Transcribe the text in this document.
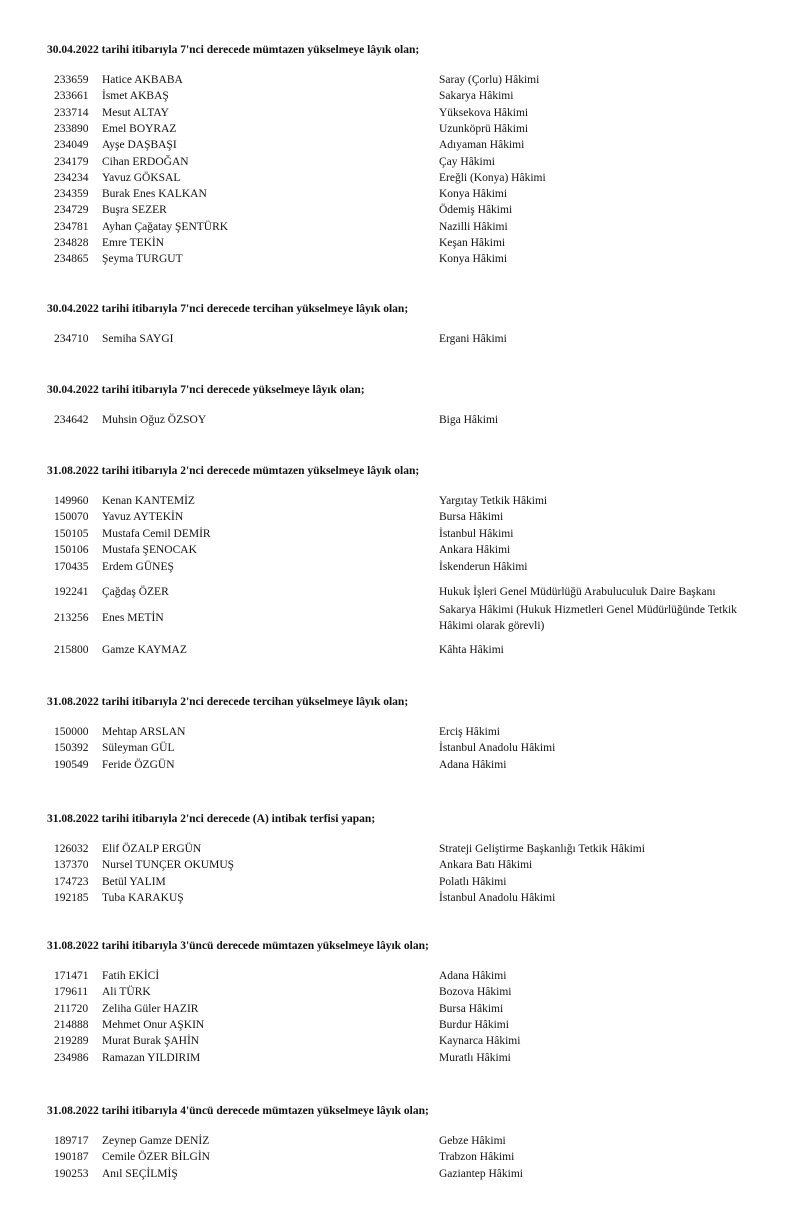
30.04.2022 tarihi itibarıyla 7'nci derecede mümtazen yükselmeye lâyık olan;
233659 Hatice AKBABA	Saray (Çorlu) Hâkimi
233661 İsmet AKBAŞ	Sakarya Hâkimi
233714 Mesut ALTAY	Yüksekova Hâkimi
233890 Emel BOYRAZ	Uzunköprü Hâkimi
234049 Ayşe DAŞBAŞI	Adıyaman Hâkimi
234179 Cihan ERDOĞAN	Çay Hâkimi
234234 Yavuz GÖKSAL	Ereğli (Konya) Hâkimi
234359 Burak Enes KALKAN	Konya Hâkimi
234729 Buşra SEZER	Ödemiş Hâkimi
234781 Ayhan Çağatay ŞENTÜRK	Nazilli Hâkimi
234828 Emre TEKİN	Keşan Hâkimi
234865 Şeyma TURGUT	Konya Hâkimi
30.04.2022 tarihi itibarıyla 7'nci derecede tercihan yükselmeye lâyık olan;
234710 Semiha SAYGI	Ergani Hâkimi
30.04.2022 tarihi itibarıyla 7'nci derecede yükselmeye lâyık olan;
234642 Muhsin Oğuz ÖZSOY	Biga Hâkimi
31.08.2022 tarihi itibarıyla 2'nci derecede mümtazen yükselmeye lâyık olan;
149960 Kenan KANTEMİZ	Yargıtay Tetkik Hâkimi
150070 Yavuz AYTEKİN	Bursa Hâkimi
150105 Mustafa Cemil DEMİR	İstanbul Hâkimi
150106 Mustafa ŞENOCAK	Ankara Hâkimi
170435 Erdem GÜNEŞ	İskenderun Hâkimi
192241 Çağdaş ÖZER	Hukuk İşleri Genel Müdürlüğü Arabuluculuk Daire Başkanı
213256 Enes METİN
Sakarya Hâkimi (Hukuk Hizmetleri Genel Müdürlüğünde Tetkik Hâkimi olarak görevli)
215800 Gamze KAYMAZ	Kâhta Hâkimi
31.08.2022 tarihi itibarıyla 2'nci derecede tercihan yükselmeye lâyık olan;
150000 Mehtap ARSLAN	Erciş Hâkimi
150392 Süleyman GÜL	İstanbul Anadolu Hâkimi
190549 Feride ÖZGÜN	Adana Hâkimi
31.08.2022 tarihi itibarıyla 2'nci derecede (A) intibak terfisi yapan;
126032 Elif ÖZALP ERGÜN	Strateji Geliştirme Başkanlığı Tetkik Hâkimi
137370 Nursel TUNÇER OKUMUŞ	Ankara Batı Hâkimi
174723 Betül YALIM	Polatlı Hâkimi
192185 Tuba KARAKUŞ	İstanbul Anadolu Hâkimi
31.08.2022 tarihi itibarıyla 3'üncü derecede mümtazen yükselmeye lâyık olan;
171471 Fatih EKİCİ	Adana Hâkimi
179611 Ali TÜRK	Bozova Hâkimi
211720 Zeliha Güler HAZIR	Bursa Hâkimi
214888 Mehmet Onur AŞKIN	Burdur Hâkimi
219289 Murat Burak ŞAHİN	Kaynarca Hâkimi
234986 Ramazan YILDIRIM	Muratlı Hâkimi
31.08.2022 tarihi itibarıyla 4'üncü derecede mümtazen yükselmeye lâyık olan;
189717 Zeynep Gamze DENİZ	Gebze Hâkimi
190187 Cemile ÖZER BİLGİN	Trabzon Hâkimi
190253 Anıl SEÇİLMİŞ	Gaziantep Hâkimi
